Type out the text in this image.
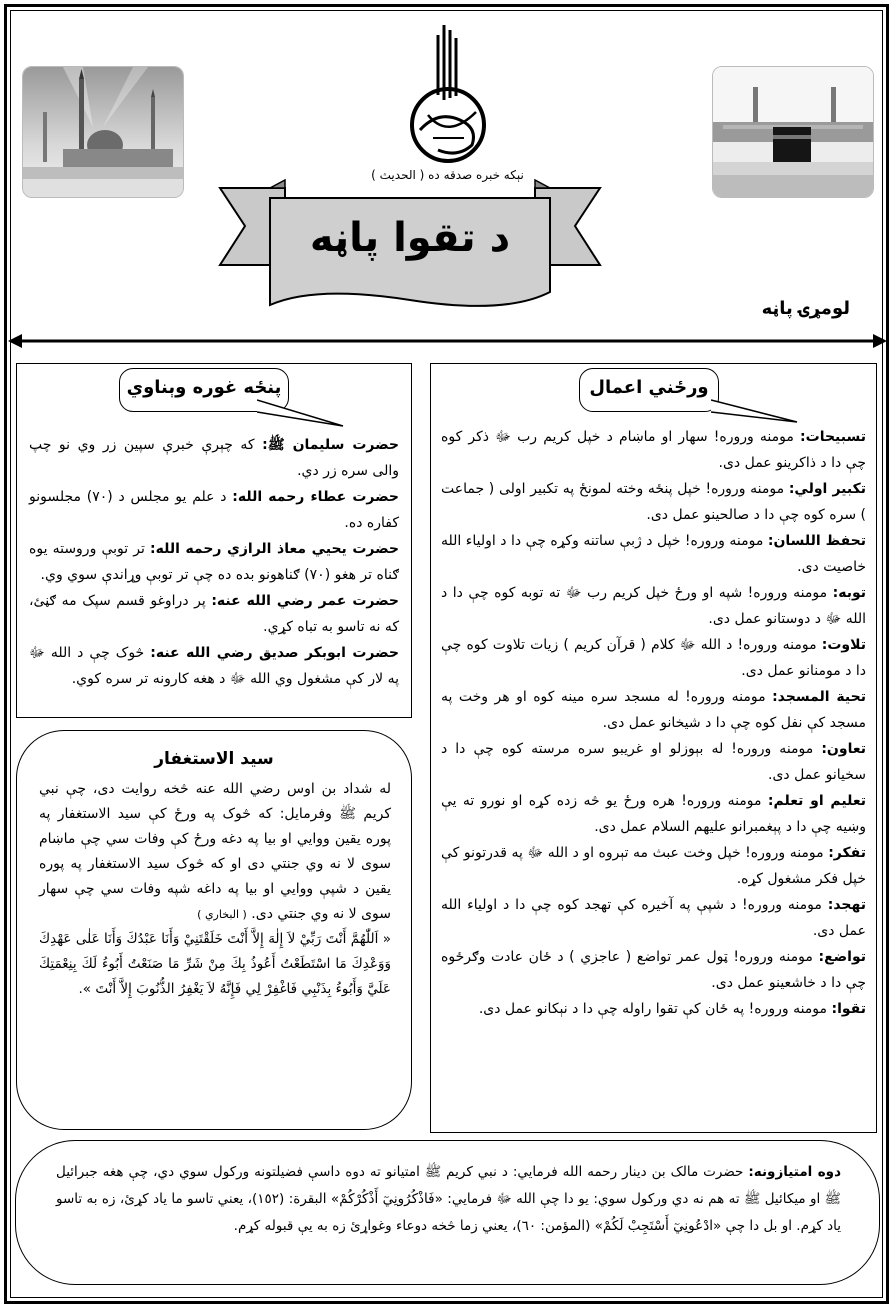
نېکه خبره صدقه ده ( الحديث )
د تقوا پاڼه
لومړۍ پاڼه
ورځني اعمال

تسبيحات: مومنه وروره! سهار او ماښام د خپل کريم رب ﷻ ذکر کوه چې دا د ذاکرينو عمل دی.

تکبير اولي: مومنه وروره! خپل پنځه وخته لمونځ په تکبير اولی ( جماعت ) سره کوه چې دا د صالحينو عمل دی.

تحفظ اللسان: مومنه وروره! خپل د ژبې ساتنه وکړه چې دا د اولياء الله خاصيت دی.

توبه: مومنه وروره! شپه او ورځ خپل کريم رب ﷻ ته توبه کوه چې دا د الله ﷻ د دوستانو عمل دی.

تلاوت: مومنه وروره! د الله ﷻ کلام ( قرآن کريم ) زيات تلاوت کوه چې دا د مومنانو عمل دی.

تحية المسجد: مومنه وروره! له مسجد سره مينه کوه او هر وخت په مسجد کې نفل کوه چې دا د شيخانو عمل دی.

تعاون: مومنه وروره! له بېوزلو او غريبو سره مرسته کوه چې دا د سخيانو عمل دی.

تعليم او تعلم: مومنه وروره! هره ورځ يو څه زده کړه او نورو ته يې وښيه چې دا د پېغمبرانو عليهم السلام عمل دی.

تفکر: مومنه وروره! خپل وخت عبث مه تېروه او د الله ﷻ په قدرتونو کې خپل فکر مشغول کړه.

تهجد: مومنه وروره! د شپې په آخيره کې تهجد کوه چې دا د اولياء الله عمل دی.

تواضع: مومنه وروره! ټول عمر تواضع ( عاجزي ) د ځان عادت وګرځوه چې دا د خاشعينو عمل دی.

تقوا: مومنه وروره! په ځان کې تقوا راوله چې دا د نېکانو عمل دی.

پنځه غوره وېناوي

حضرت سليمان ﷺ: که چېرې خبرې سپين زر وي نو چپ والی سره زر دي.

حضرت عطاء رحمه الله: د علم يو مجلس د (٧٠) مجلسونو کفاره ده.

حضرت يحيي معاذ الرازي رحمه الله: تر توبې وروسته يوه ګناه تر هغو (٧٠) ګناهونو بده ده چې تر توبې وړاندې سوي وي.

حضرت عمر رضي الله عنه: پر دراوغو قسم سپک مه ګڼئ، که نه تاسو به تباه کړي.

حضرت ابوبکر صديق رضي الله عنه: څوک چې د الله ﷻ په لار کې مشغول وي الله ﷻ د هغه کارونه تر سره کوي.

سيد الاستغفار
له شداد بن اوس رضي الله عنه څخه روايت دی، چې نبي کريم ﷺ وفرمايل: که څوک په ورځ کې سيد الاستغفار په پوره يقين ووايي او بيا په دغه ورځ کې وفات سي چې ماښام سوی لا نه وي جنتي دی او که څوک سيد الاستغفار په پوره يقين د شپې ووايي او بيا په داغه شپه وفات سي چې سهار سوی لا نه وي جنتي دی. ( البخاري )
« اَللّٰهُمَّ أَنْتَ رَبِّيْ لاَ إِلٰهَ إِلاَّ أَنْتَ خَلَقْتَنِيْ وَأَنَا عَبْدُكَ وَأَنَا عَلٰى عَهْدِكَ وَوَعْدِكَ مَا اسْتَطَعْتُ أَعُوذُ بِكَ مِنْ شَرِّ مَا صَنَعْتُ أَبُوءُ لَكَ بِنِعْمَتِكَ عَلَيَّ وَأَبُوءُ بِذَنْبِي فَاغْفِرْ لِي فَإِنَّهُ لاَ يَغْفِرُ الذُّنُوبَ إِلاَّ أَنْتَ ».
دوه امتيازونه: حضرت مالک بن دينار رحمه الله فرمايي: د نبي کريم ﷺ امتيانو ته دوه داسې فضيلتونه ورکول سوي دي، چې هغه جبرائيل ﷺ او ميکائيل ﷺ ته هم نه دي ورکول سوي: يو دا چې الله ﷻ فرمايي: «فَاذْكُرُونِيٓ أَذْكُرْكُمْ» البقرة: (١٥٢)، يعني تاسو ما ياد کړئ، زه به تاسو ياد کړم. او بل دا چې «ادْعُونِيٓ أَسْتَجِبْ لَكُمْ» (المؤمن: ٦٠)، يعني زما څخه دوعاء وغواړئ زه به يې قبوله کړم.
